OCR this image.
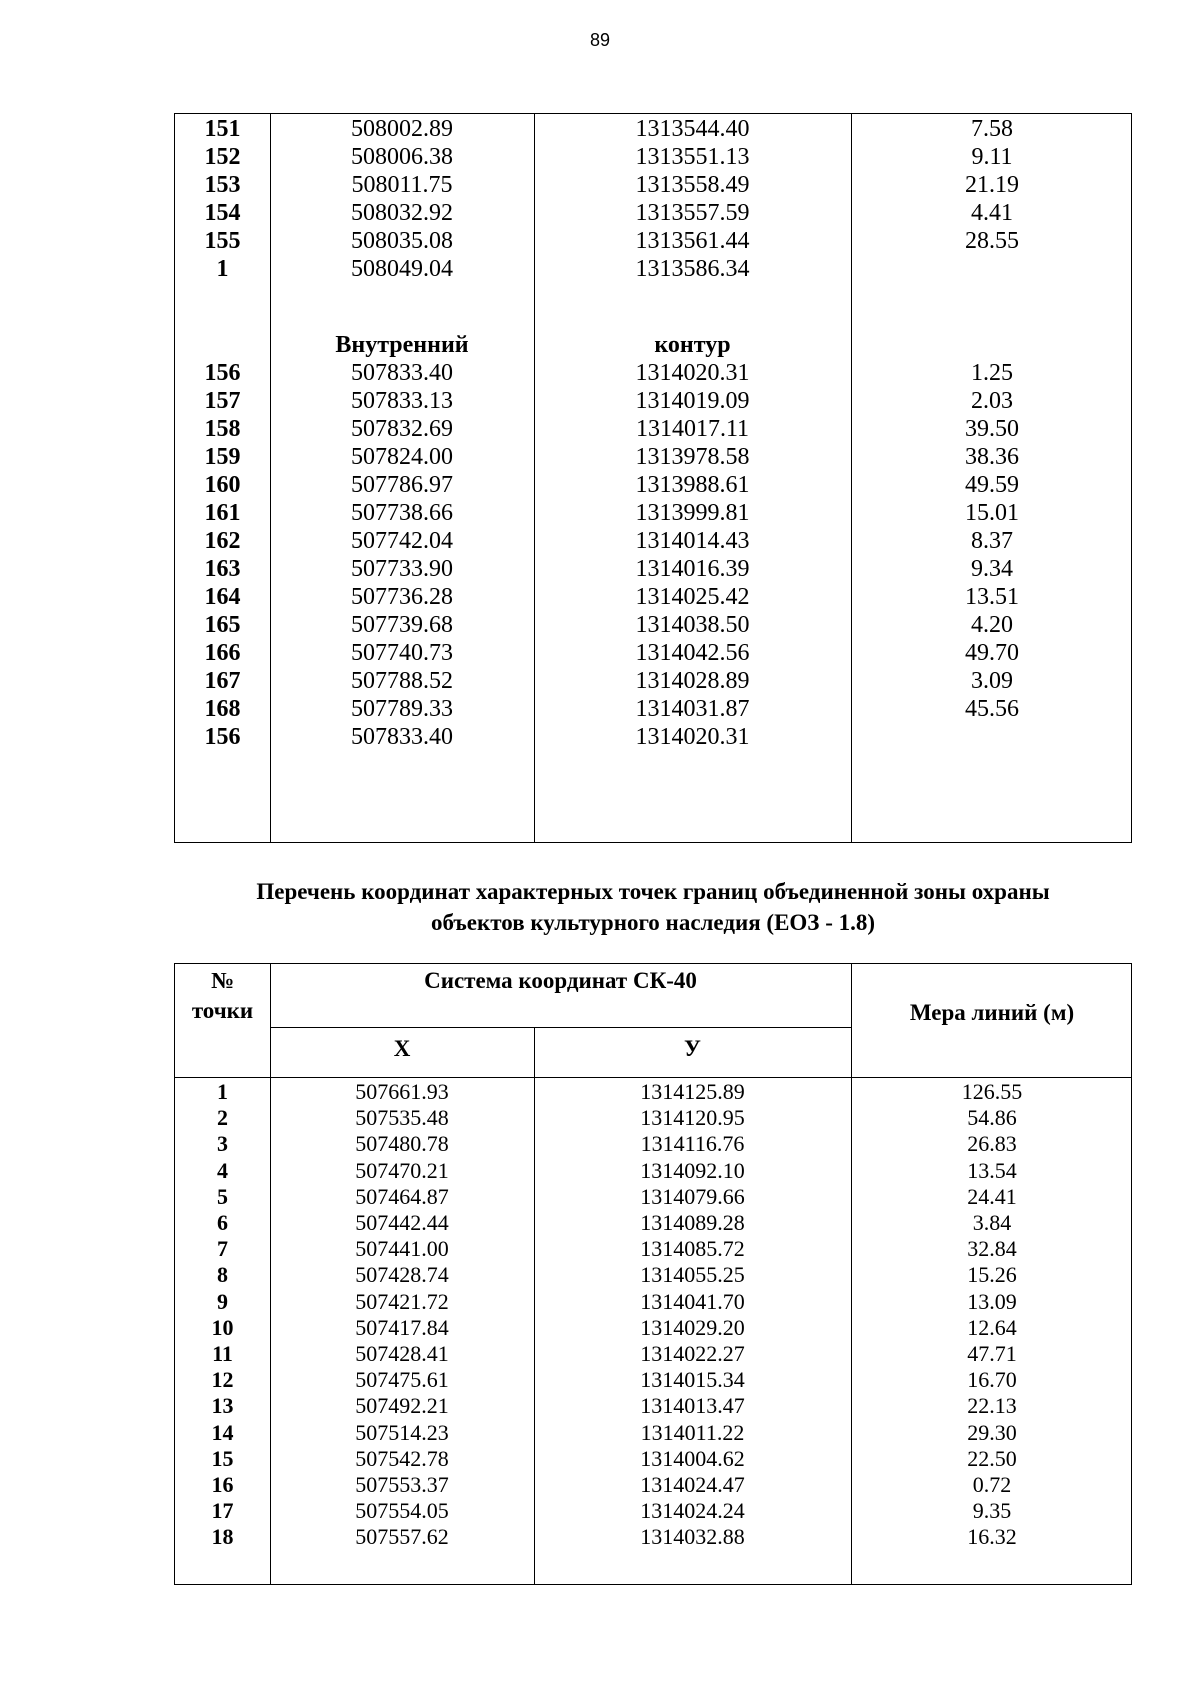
89
151	508002.89	1313544.40	7.58
152	508006.38	1313551.13	9.11
153	508011.75	1313558.49	21.19
154	508032.92	1313557.59	4.41
155	508035.08	1313561.44	28.55
1	508049.04	1313586.34
Внутренний	контур
156	507833.40	1314020.31	1.25
157	507833.13	1314019.09	2.03
158	507832.69	1314017.11	39.50
159	507824.00	1313978.58	38.36
160	507786.97	1313988.61	49.59
161	507738.66	1313999.81	15.01
162	507742.04	1314014.43	8.37
163	507733.90	1314016.39	9.34
164	507736.28	1314025.42	13.51
165	507739.68	1314038.50	4.20
166	507740.73	1314042.56	49.70
167	507788.52	1314028.89	3.09
168	507789.33	1314031.87	45.56
156	507833.40	1314020.31
Перечень координат характерных точек границ объединенной зоны охраны
объектов культурного наследия (ЕОЗ - 1.8)
№
точки
Система координат СК-40
Х	У
Мера линий (м)
1	507661.93	1314125.89	126.55
2	507535.48	1314120.95	54.86
3	507480.78	1314116.76	26.83
4	507470.21	1314092.10	13.54
5	507464.87	1314079.66	24.41
6	507442.44	1314089.28	3.84
7	507441.00	1314085.72	32.84
8	507428.74	1314055.25	15.26
9	507421.72	1314041.70	13.09
10	507417.84	1314029.20	12.64
11	507428.41	1314022.27	47.71
12	507475.61	1314015.34	16.70
13	507492.21	1314013.47	22.13
14	507514.23	1314011.22	29.30
15	507542.78	1314004.62	22.50
16	507553.37	1314024.47	0.72
17	507554.05	1314024.24	9.35
18	507557.62	1314032.88	16.32
